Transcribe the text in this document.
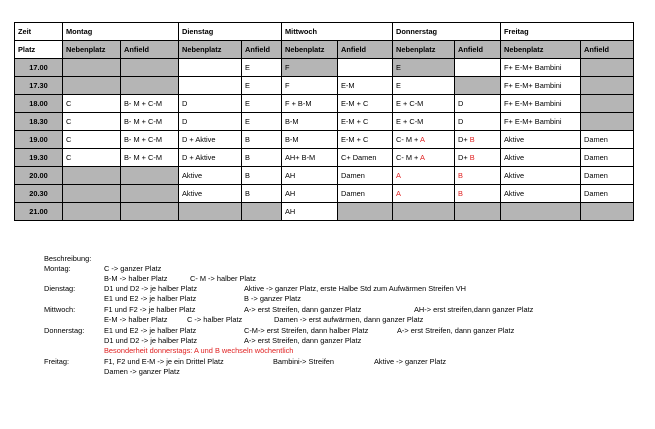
Zeit	Montag		Dienstag		Mittwoch		Donnerstag		Freitag	
Platz	Nebenplatz	Anfield	Nebenplatz	Anfield	Nebenplatz	Anfield	Nebenplatz	Anfield	Nebenplatz	Anfield
17.00				E	F		E		F+ E-M+ Bambini	
17.30				E	F	E-M	E		F+ E-M+ Bambini	
18.00	C	B- M + C-M	D	E	F + B-M	E-M + C	E + C-M	D	F+ E-M+ Bambini	
18.30	C	B- M + C-M	D	E	B-M	E-M + C	E + C-M	D	F+ E-M+ Bambini	
19.00	C	B- M + C-M	D + Aktive	B	B-M	E-M + C	C- M + A	D+ B	Aktive	Damen
19.30	C	B- M + C-M	D + Aktive	B	AH+ B-M	C+ Damen	C- M + A	D+ B	Aktive	Damen
20.00			Aktive	B	AH	Damen	A	B	Aktive	Damen
20.30			Aktive	B	AH	Damen	A	B	Aktive	Damen
21.00					AH					
Beschreibung:
Montag:	C -> ganzer Platz
B-M -> halber Platz	C- M -> halber Platz
Dienstag:	D1 und D2 -> je halber Platz	Aktive -> ganzer Platz, erste Halbe Std zum Aufwärmen Streifen VH
E1 und E2 -> je halber Platz	B -> ganzer Platz
Mittwoch:	F1 und F2 -> je halber Platz	A-> erst Streifen, dann ganzer Platz	AH-> erst streifen,dann ganzer Platz
E-M -> halber Platz	C -> halber Platz	Damen -> erst aufwärmen, dann ganzer Platz
Donnerstag:	E1 und E2 -> je halber Platz	C-M-> erst Streifen, dann halber Platz	A-> erst Streifen, dann ganzer Platz
D1 und D2 -> je halber Platz	A-> erst Streifen, dann ganzer Platz
Besonderheit donnerstags: A und B wechseln wöchentlich
Freitag:	F1, F2 und E-M -> je ein Drittel Platz	Bambini-> Streifen	Aktive -> ganzer Platz
Damen -> ganzer Platz
